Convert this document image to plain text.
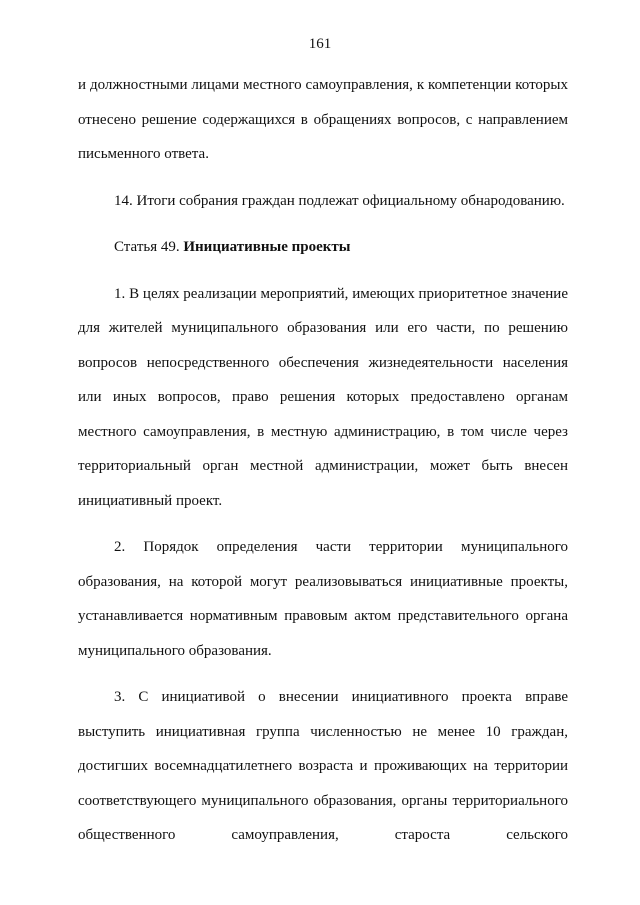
161

и должностными лицами местного самоуправления, к компетенции которых отнесено решение содержащихся в обращениях вопросов, с направлением письменного ответа.

14. Итоги собрания граждан подлежат официальному обнародованию.

Статья 49. Инициативные проекты

1. В целях реализации мероприятий, имеющих приоритетное значение для жителей муниципального образования или его части, по решению вопросов непосредственного обеспечения жизнедеятельности населения или иных вопросов, право решения которых предоставлено органам местного самоуправления, в местную администрацию, в том числе через территориальный орган местной администрации, может быть внесен инициативный проект.

2. Порядок определения части территории муниципального образования, на которой могут реализовываться инициативные проекты, устанавливается нормативным правовым актом представительного органа муниципального образования.

3. С инициативой о внесении инициативного проекта вправе выступить инициативная группа численностью не менее 10 граждан, достигших восемнадцатилетнего возраста и проживающих на территории соответствующего муниципального образования, органы территориального общественного самоуправления, староста сельского
